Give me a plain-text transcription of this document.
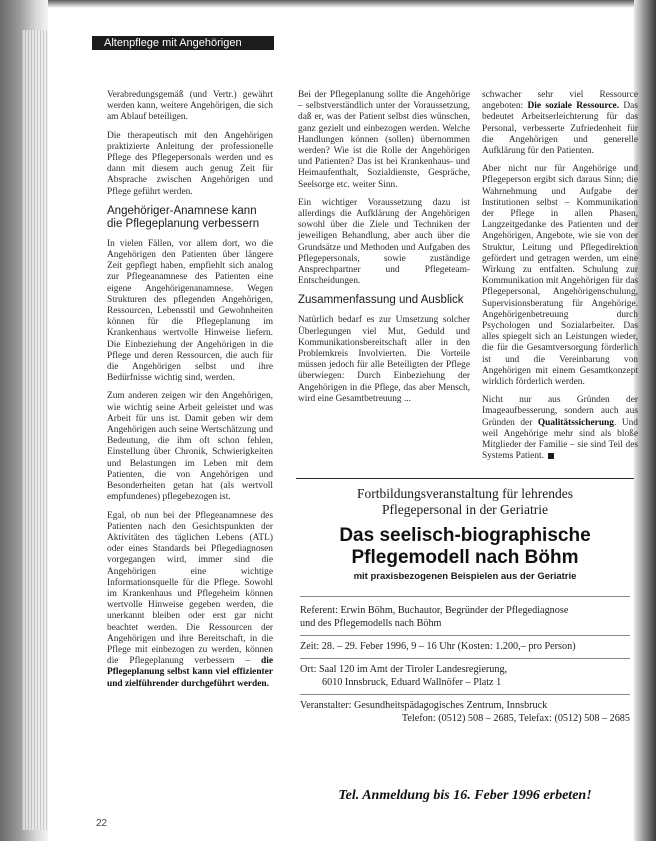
Altenpflege mit Angehörigen

Verabredungsgemäß (und Vertr.) gewährt werden kann, weitere Angehörigen, die sich am Ablauf beteiligen.

Die therapeutisch mit den Angehörigen praktizierte Anleitung der professionelle Pflege des Pflegepersonals werden und es dann mit diesem auch genug Zeit für Absprache zwischen Angehörigen und Pflege geführt werden.

Angehöriger-Anamnese kann die Pflegeplanung verbessern

In vielen Fällen, vor allem dort, wo die Angehörigen den Patienten über längere Zeit gepflegt haben, empfiehlt sich analog zur Pflegeanamnese des Patienten eine eigene Angehörigenanamnese. Wegen Strukturen des pflegenden Angehörigen, Ressourcen, Lebensstil und Gewohnheiten können für die Pflegeplanung im Krankenhaus wertvolle Hinweise liefern. Die Einbeziehung der Angehörigen in die Pflege und deren Ressourcen, die auch für die Angehörigen selbst und ihre Bedürfnisse wichtig sind, werden.

Zum anderen zeigen wir den Angehörigen, wie wichtig seine Arbeit geleistet und was Arbeit für uns ist. Damit geben wir dem Angehörigen auch seine Wertschätzung und Bedeutung, die ihm oft schon fehlen, Einstellung über Chronik, Schwierigkeiten und Belastungen im Leben mit dem Patienten, die von Angehörigen und Besonderheiten getan hat (als wertvoll empfundenes) pflegebezogen ist.

Egal, ob nun bei der Pflegeanamnese des Patienten nach den Gesichtspunkten der Aktivitäten des täglichen Lebens (ATL) oder eines Standards bei Pflegediagnosen vorgegangen wird, immer sind die Angehörigen eine wichtige Informationsquelle für die Pflege. Sowohl im Krankenhaus und Pflegeheim können wertvolle Hinweise gegeben werden, die unerkannt bleiben oder erst gar nicht beachtet werden. Die Ressourcen der Angehörigen und ihre Bereitschaft, in die Pflege mit einbezogen zu werden, können die Pflegeplanung verbessern – die Pflegeplanung selbst kann viel effizienter und zielführender durchgeführt werden.

Bei der Pflegeplanung sollte die Angehörige – selbstverständlich unter der Voraussetzung, daß er, was der Patient selbst dies wünschen, ganz gezielt und einbezogen werden. Welche Handlungen können (sollen) übernommen werden? Wie ist die Rolle der Angehörigen und Patienten? Das ist bei Krankenhaus- und Heimaufenthalt, Sozialdienste, Gespräche, Seelsorge etc. weiter Sinn.

Ein wichtiger Voraussetzung dazu ist allerdings die Aufklärung der Angehörigen sowohl über die Ziele und Techniken der jeweiligen Behandlung, aber auch über die Grundsätze und Methoden und Aufgaben des Pflegepersonals, sowie zuständige Ansprechpartner und Pflegeteam-Entscheidungen.

Zusammenfassung und Ausblick

Natürlich bedarf es zur Umsetzung solcher Überlegungen viel Mut, Geduld und Kommunikationsbereitschaft aller in den Problemkreis Involvierten. Die Vorteile müssen jedoch für alle Beteiligten der Pflege überwiegen: Durch Einbeziehung der Angehörigen in die Pflege, das aber Mensch, wird eine Gesamtbetreuung ...

schwacher sehr viel Ressource angeboten: Die soziale Ressource. Das bedeutet Arbeitserleichterung für das Personal, verbesserte Zufriedenheit für die Angehörigen und generelle Aufklärung für den Patienten.

Aber nicht nur für Angehörige und Pflegeperson ergibt sich daraus Sinn; die Wahrnehmung und Aufgabe der Institutionen selbst – Kommunikation der Pflege in allen Phasen, Langzeitgedanke des Patienten und der Angehörigen, Angebote, wie sie von der Struktur, Leitung und Pflegedirektion gefördert und getragen werden, um eine Wirkung zu entfalten. Schulung zur Kommunikation mit Angehörigen für das Pflegepersonal, Angehörigenschulung, Supervisionsberatung für Angehörige. Angehörigenbetreuung durch Psychologen und Sozialarbeiter. Das alles spiegelt sich an Leistungen wieder, die für die Gesamtversorgung förderlich ist und die Vereinbarung von Angehörigen mit einem Gesamtkonzept wirklich förderlich werden.

Nicht nur aus Gründen der Imageaufbesserung, sondern auch aus Gründen der Qualitätssicherung. Und weil Angehörige mehr sind als bloße Mitglieder der Familie – sie sind Teil des Systems Patient.

Fortbildungsveranstaltung für lehrendes
Pflegepersonal in der Geriatrie
Das seelisch-biographische
Pflegemodell nach Böhm
mit praxisbezogenen Beispielen aus der Geriatrie
Referent: Erwin Böhm, Buchautor, Begründer der Pflegediagnose
und des Pflegemodells nach Böhm
Zeit: 28. – 29. Feber 1996, 9 – 16 Uhr (Kosten: 1.200,– pro Person)
Ort: Saal 120 im Amt der Tiroler Landesregierung,
6010 Innsbruck, Eduard Wallnöfer – Platz 1
Veranstalter: Gesundheitspädagogisches Zentrum, Innsbruck
Telefon: (0512) 508 – 2685, Telefax: (0512) 508 – 2685
Tel. Anmeldung bis 16. Feber 1996 erbeten!
22
